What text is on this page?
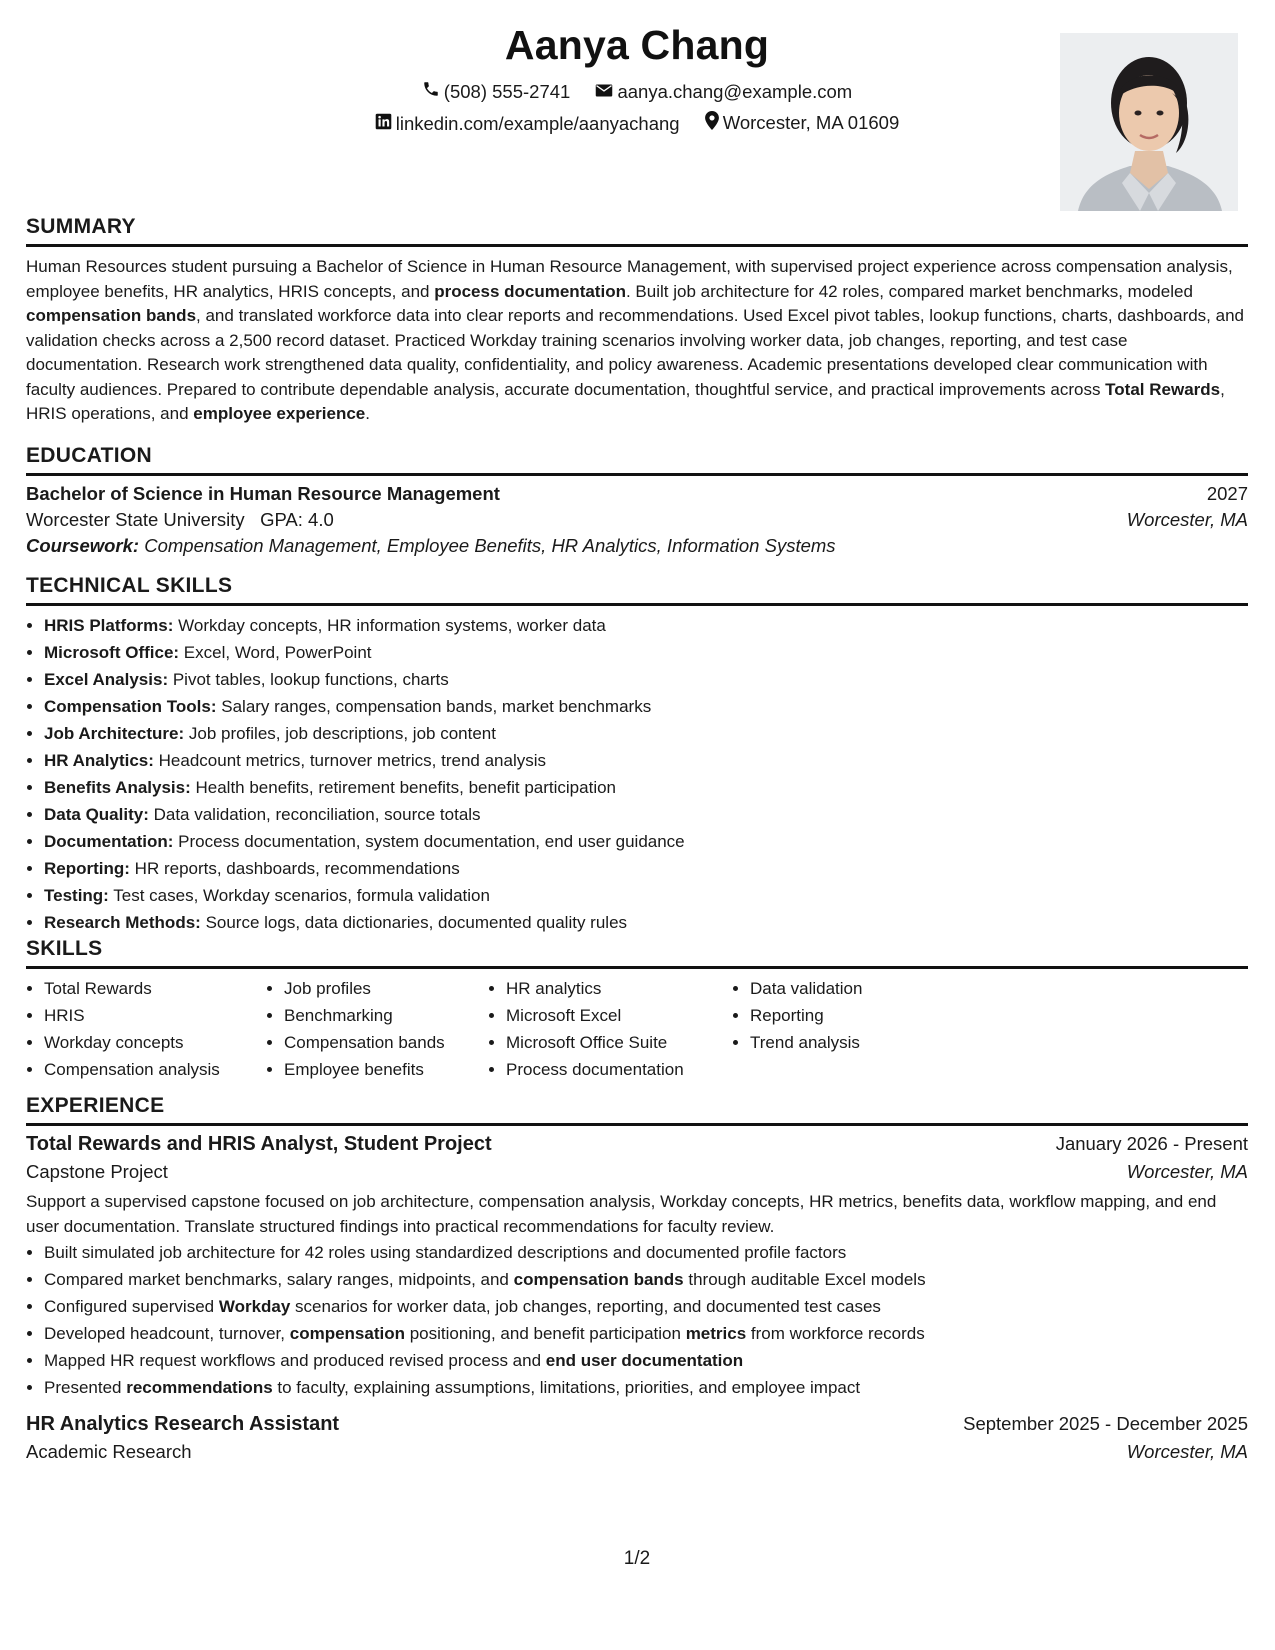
Aanya Chang
(508) 555-2741
	aanya.chang@example.com
linkedin.com/example/aanyachang
Worcester, MA 01609
SUMMARY
Human Resources student pursuing a Bachelor of Science in Human Resource Management, with supervised project experience across compensation analysis, employee benefits, HR analytics, HRIS concepts, and process documentation. Built job architecture for 42 roles, compared market benchmarks, modeled compensation bands, and translated workforce data into clear reports and recommendations. Used Excel pivot tables, lookup functions, charts, dashboards, and validation checks across a 2,500 record dataset. Practiced Workday training scenarios involving worker data, job changes, reporting, and test case documentation. Research work strengthened data quality, confidentiality, and policy awareness. Academic presentations developed clear communication with faculty audiences. Prepared to contribute dependable analysis, accurate documentation, thoughtful service, and practical improvements across Total Rewards, HRIS operations, and employee experience.
EDUCATION
Bachelor of Science in Human Resource Management	2027
Worcester State University GPA: 4.0	Worcester, MA
Coursework: Compensation Management, Employee Benefits, HR Analytics, Information Systems
TECHNICAL SKILLS
• HRIS Platforms: Workday concepts, HR information systems, worker data
• Microsoft Office: Excel, Word, PowerPoint
• Excel Analysis: Pivot tables, lookup functions, charts
• Compensation Tools: Salary ranges, compensation bands, market benchmarks
• Job Architecture: Job profiles, job descriptions, job content
• HR Analytics: Headcount metrics, turnover metrics, trend analysis
• Benefits Analysis: Health benefits, retirement benefits, benefit participation
• Data Quality: Data validation, reconciliation, source totals
• Documentation: Process documentation, system documentation, end user guidance
• Reporting: HR reports, dashboards, recommendations
• Testing: Test cases, Workday scenarios, formula validation
• Research Methods: Source logs, data dictionaries, documented quality rules
SKILLS
• Total Rewards
• HRIS
• Workday concepts
• Compensation analysis
• Job profiles
• Benchmarking
• Compensation bands
• Employee benefits
• HR analytics
• Microsoft Excel
• Microsoft Office Suite
• Process documentation
• Data validation
• Reporting
• Trend analysis
EXPERIENCE
Total Rewards and HRIS Analyst, Student Project	January 2026 - Present
Capstone Project	Worcester, MA
Support a supervised capstone focused on job architecture, compensation analysis, Workday concepts, HR metrics, benefits data, workflow mapping, and end user documentation. Translate structured findings into practical recommendations for faculty review.
• Built simulated job architecture for 42 roles using standardized descriptions and documented profile factors
• Compared market benchmarks, salary ranges, midpoints, and compensation bands through auditable Excel models
• Configured supervised Workday scenarios for worker data, job changes, reporting, and documented test cases
• Developed headcount, turnover, compensation positioning, and benefit participation metrics from workforce records
• Mapped HR request workflows and produced revised process and end user documentation
• Presented recommendations to faculty, explaining assumptions, limitations, priorities, and employee impact
HR Analytics Research Assistant	September 2025 - December 2025
Academic Research	Worcester, MA
1/2
